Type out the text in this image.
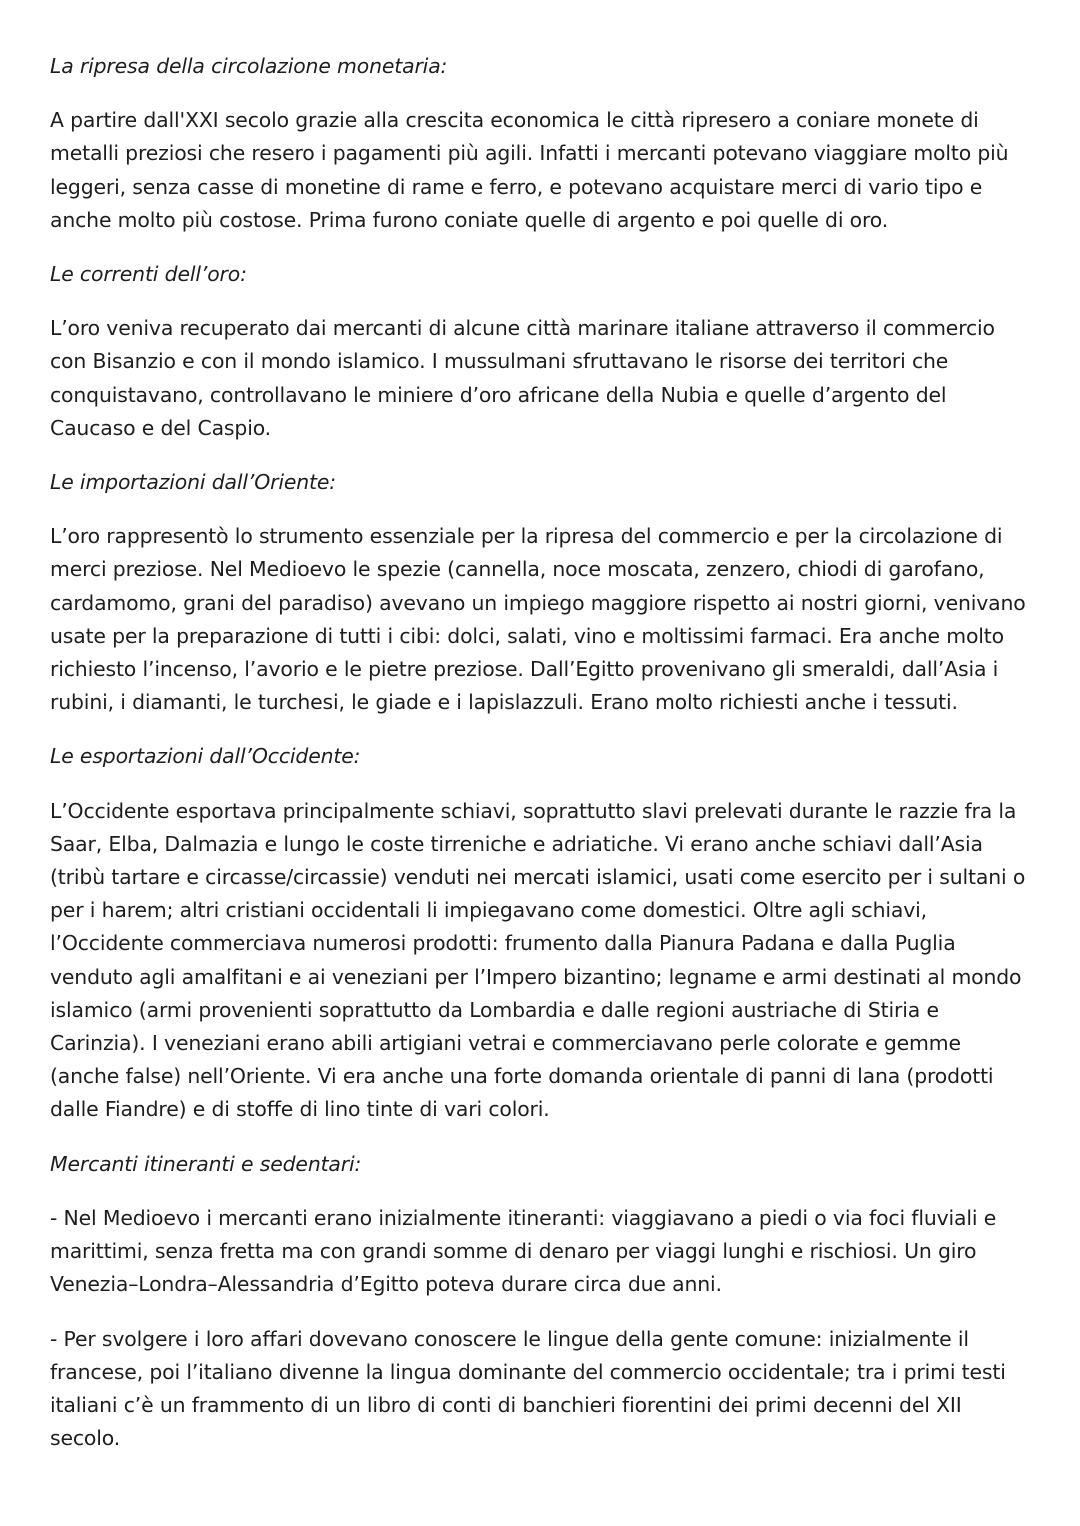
La ripresa della circolazione monetaria:

A partire dall'XXI secolo grazie alla crescita economica le città ripresero a coniare monete di metalli preziosi che resero i pagamenti più agili. Infatti i mercanti potevano viaggiare molto più leggeri, senza casse di monetine di rame e ferro, e potevano acquistare merci di vario tipo e anche molto più costose. Prima furono coniate quelle di argento e poi quelle di oro.

Le correnti dell’oro:

L’oro veniva recuperato dai mercanti di alcune città marinare italiane attraverso il commercio con Bisanzio e con il mondo islamico. I mussulmani sfruttavano le risorse dei territori che conquistavano, controllavano le miniere d’oro africane della Nubia e quelle d’argento del Caucaso e del Caspio.

Le importazioni dall’Oriente:

L’oro rappresentò lo strumento essenziale per la ripresa del commercio e per la circolazione di merci preziose. Nel Medioevo le spezie (cannella, noce moscata, zenzero, chiodi di garofano, cardamomo, grani del paradiso) avevano un impiego maggiore rispetto ai nostri giorni, venivano usate per la preparazione di tutti i cibi: dolci, salati, vino e moltissimi farmaci. Era anche molto richiesto l’incenso, l’avorio e le pietre preziose. Dall’Egitto provenivano gli smeraldi, dall’Asia i rubini, i diamanti, le turchesi, le giade e i lapislazzuli. Erano molto richiesti anche i tessuti.

Le esportazioni dall’Occidente:

L’Occidente esportava principalmente schiavi, soprattutto slavi prelevati durante le razzie fra la Saar, Elba, Dalmazia e lungo le coste tirreniche e adriatiche. Vi erano anche schiavi dall’Asia (tribù tartare e circasse/circassie) venduti nei mercati islamici, usati come esercito per i sultani o per i harem; altri cristiani occidentali li impiegavano come domestici. Oltre agli schiavi, l’Occidente commerciava numerosi prodotti: frumento dalla Pianura Padana e dalla Puglia venduto agli amalfitani e ai veneziani per l’Impero bizantino; legname e armi destinati al mondo islamico (armi provenienti soprattutto da Lombardia e dalle regioni austriache di Stiria e Carinzia). I veneziani erano abili artigiani vetrai e commerciavano perle colorate e gemme (anche false) nell’Oriente. Vi era anche una forte domanda orientale di panni di lana (prodotti dalle Fiandre) e di stoffe di lino tinte di vari colori.

Mercanti itineranti e sedentari:

- Nel Medioevo i mercanti erano inizialmente itineranti: viaggiavano a piedi o via foci fluviali e marittimi, senza fretta ma con grandi somme di denaro per viaggi lunghi e rischiosi. Un giro Venezia–Londra–Alessandria d’Egitto poteva durare circa due anni.

- Per svolgere i loro affari dovevano conoscere le lingue della gente comune: inizialmente il francese, poi l’italiano divenne la lingua dominante del commercio occidentale; tra i primi testi italiani c’è un frammento di un libro di conti di banchieri fiorentini dei primi decenni del XII secolo.
